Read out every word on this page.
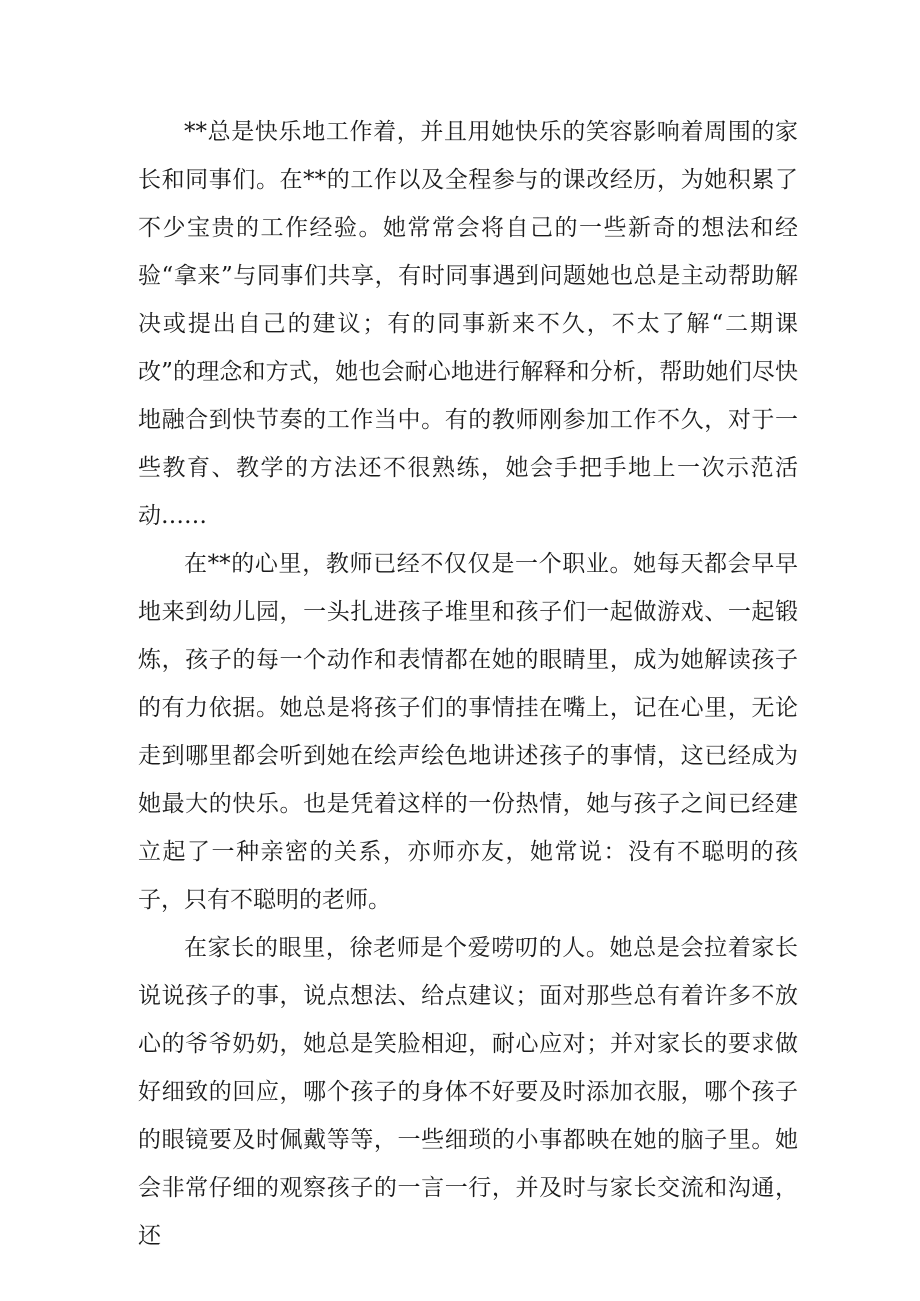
**总是快乐地工作着，并且用她快乐的笑容影响着周围的家长和同事们。在**的工作以及全程参与的课改经历，为她积累了不少宝贵的工作经验。她常常会将自己的一些新奇的想法和经验“拿来”与同事们共享，有时同事遇到问题她也总是主动帮助解决或提出自己的建议；有的同事新来不久，不太了解“二期课改”的理念和方式，她也会耐心地进行解释和分析，帮助她们尽快地融合到快节奏的工作当中。有的教师刚参加工作不久，对于一些教育、教学的方法还不很熟练，她会手把手地上一次示范活动……

在**的心里，教师已经不仅仅是一个职业。她每天都会早早地来到幼儿园，一头扎进孩子堆里和孩子们一起做游戏、一起锻炼，孩子的每一个动作和表情都在她的眼睛里，成为她解读孩子的有力依据。她总是将孩子们的事情挂在嘴上，记在心里，无论走到哪里都会听到她在绘声绘色地讲述孩子的事情，这已经成为她最大的快乐。也是凭着这样的一份热情，她与孩子之间已经建立起了一种亲密的关系，亦师亦友，她常说：没有不聪明的孩子，只有不聪明的老师。

在家长的眼里，徐老师是个爱唠叨的人。她总是会拉着家长说说孩子的事，说点想法、给点建议；面对那些总有着许多不放心的爷爷奶奶，她总是笑脸相迎，耐心应对；并对家长的要求做好细致的回应，哪个孩子的身体不好要及时添加衣服，哪个孩子的眼镜要及时佩戴等等，一些细琐的小事都映在她的脑子里。她会非常仔细的观察孩子的一言一行，并及时与家长交流和沟通，还
